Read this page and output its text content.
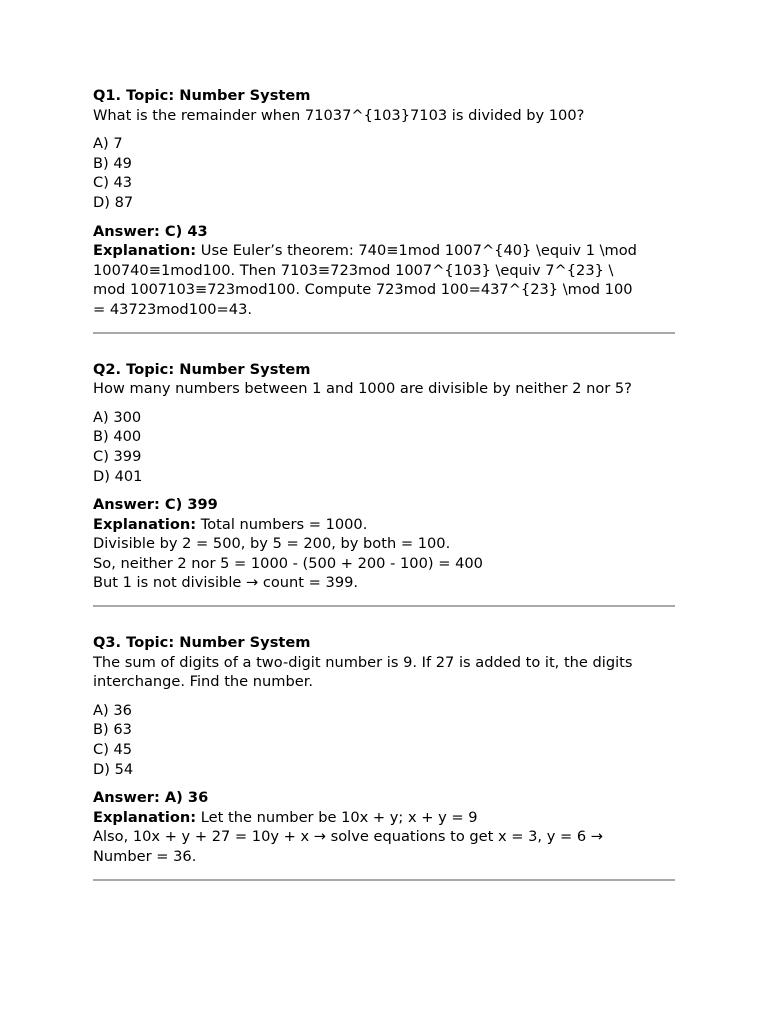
Q1. Topic: Number System
What is the remainder when 71037^{103}7103 is divided by 100?
A) 7
B) 49
C) 43
D) 87
Answer: C) 43
Explanation: Use Euler’s theorem: 740≡1mod 1007^{40} \equiv 1 \mod
100740≡1mod100. Then 7103≡723mod 1007^{103} \equiv 7^{23} \
mod 1007103≡723mod100. Compute 723mod 100=437^{23} \mod 100
= 43723mod100=43.
Q2. Topic: Number System
How many numbers between 1 and 1000 are divisible by neither 2 nor 5?
A) 300
B) 400
C) 399
D) 401
Answer: C) 399
Explanation: Total numbers = 1000.
Divisible by 2 = 500, by 5 = 200, by both = 100.
So, neither 2 nor 5 = 1000 - (500 + 200 - 100) = 400
But 1 is not divisible → count = 399.
Q3. Topic: Number System
The sum of digits of a two-digit number is 9. If 27 is added to it, the digits interchange. Find the number.
A) 36
B) 63
C) 45
D) 54
Answer: A) 36
Explanation: Let the number be 10x + y; x + y = 9
Also, 10x + y + 27 = 10y + x → solve equations to get x = 3, y = 6 →
Number = 36.
